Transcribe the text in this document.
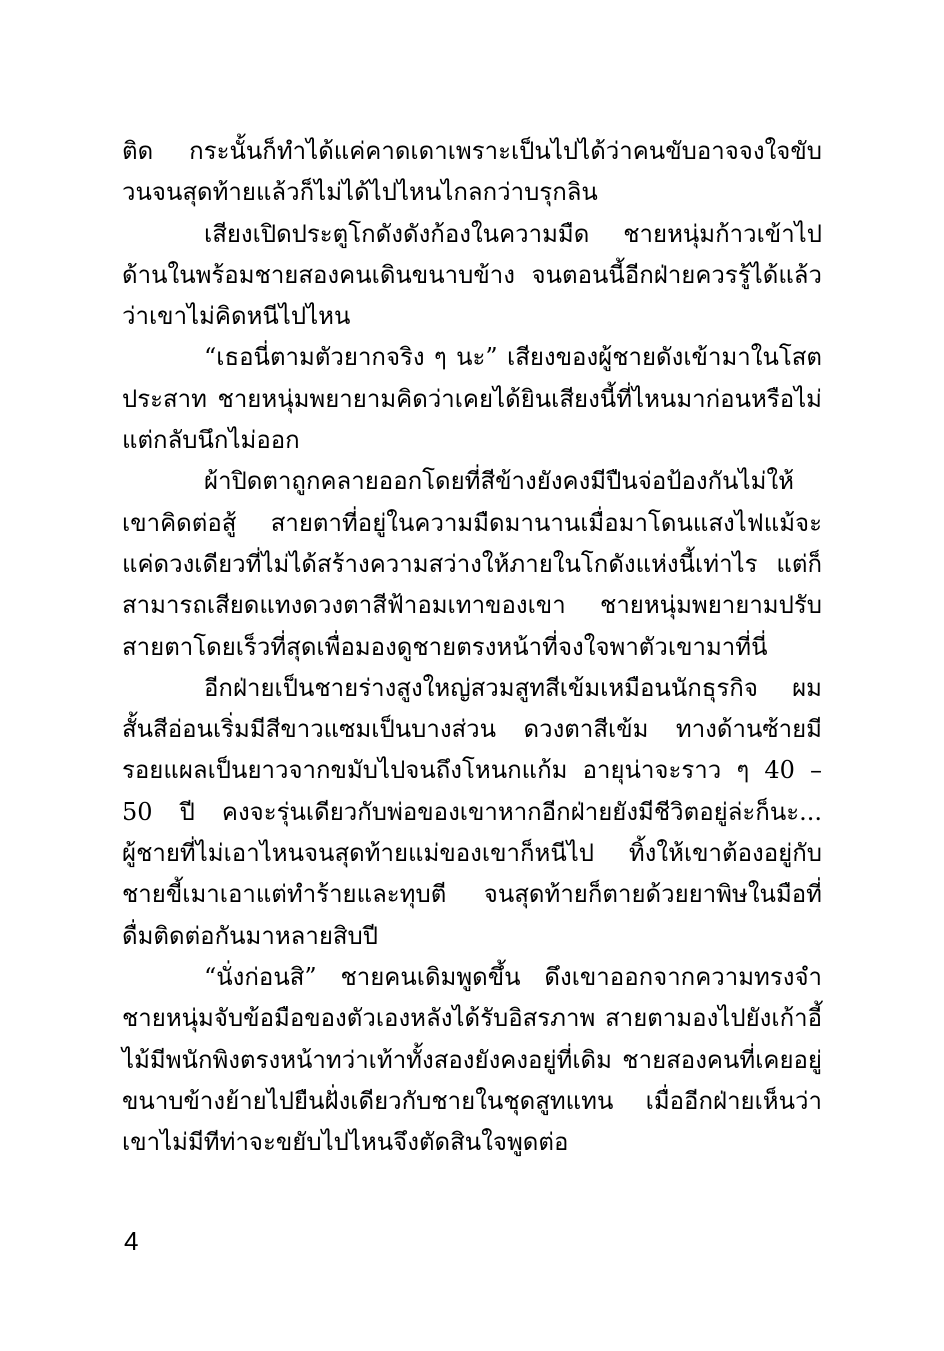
ติด กระนั้นก็ทำได้แค่คาดเดาเพราะเป็นไปได้ว่าคนขับอาจจงใจขับวนจนสุดท้ายแล้วก็ไม่ได้ไปไหนไกลกว่าบรุกลิน

เสียงเปิดประตูโกดังดังก้องในความมืด ชายหนุ่มก้าวเข้าไปด้านในพร้อมชายสองคนเดินขนาบข้าง จนตอนนี้อีกฝ่ายควรรู้ได้แล้วว่าเขาไม่คิดหนีไปไหน

“เธอนี่ตามตัวยากจริง ๆ นะ” เสียงของผู้ชายดังเข้ามาในโสตประสาท ชายหนุ่มพยายามคิดว่าเคยได้ยินเสียงนี้ที่ไหนมาก่อนหรือไม่แต่กลับนึกไม่ออก

ผ้าปิดตาถูกคลายออกโดยที่สีข้างยังคงมีปืนจ่อป้องกันไม่ให้เขาคิดต่อสู้ สายตาที่อยู่ในความมืดมานานเมื่อมาโดนแสงไฟแม้จะแค่ดวงเดียวที่ไม่ได้สร้างความสว่างให้ภายในโกดังแห่งนี้เท่าไร แต่ก็สามารถเสียดแทงดวงตาสีฟ้าอมเทาของเขา ชายหนุ่มพยายามปรับสายตาโดยเร็วที่สุดเพื่อมองดูชายตรงหน้าที่จงใจพาตัวเขามาที่นี่

อีกฝ่ายเป็นชายร่างสูงใหญ่สวมสูทสีเข้มเหมือนนักธุรกิจ ผมสั้นสีอ่อนเริ่มมีสีขาวแซมเป็นบางส่วน ดวงตาสีเข้ม ทางด้านซ้ายมีรอยแผลเป็นยาวจากขมับไปจนถึงโหนกแก้ม อายุน่าจะราว ๆ 40 – 50 ปี คงจะรุ่นเดียวกับพ่อของเขาหากอีกฝ่ายยังมีชีวิตอยู่ล่ะก็นะ... ผู้ชายที่ไม่เอาไหนจนสุดท้ายแม่ของเขาก็หนีไป ทิ้งให้เขาต้องอยู่กับชายขี้เมาเอาแต่ทำร้ายและทุบตี จนสุดท้ายก็ตายด้วยยาพิษในมือที่ดื่มติดต่อกันมาหลายสิบปี

“นั่งก่อนสิ” ชายคนเดิมพูดขึ้น ดึงเขาออกจากความทรงจำ ชายหนุ่มจับข้อมือของตัวเองหลังได้รับอิสรภาพ สายตามองไปยังเก้าอี้ไม้มีพนักพิงตรงหน้าทว่าเท้าทั้งสองยังคงอยู่ที่เดิม ชายสองคนที่เคยอยู่ขนาบข้างย้ายไปยืนฝั่งเดียวกับชายในชุดสูทแทน เมื่ออีกฝ่ายเห็นว่าเขาไม่มีทีท่าจะขยับไปไหนจึงตัดสินใจพูดต่อ

4
